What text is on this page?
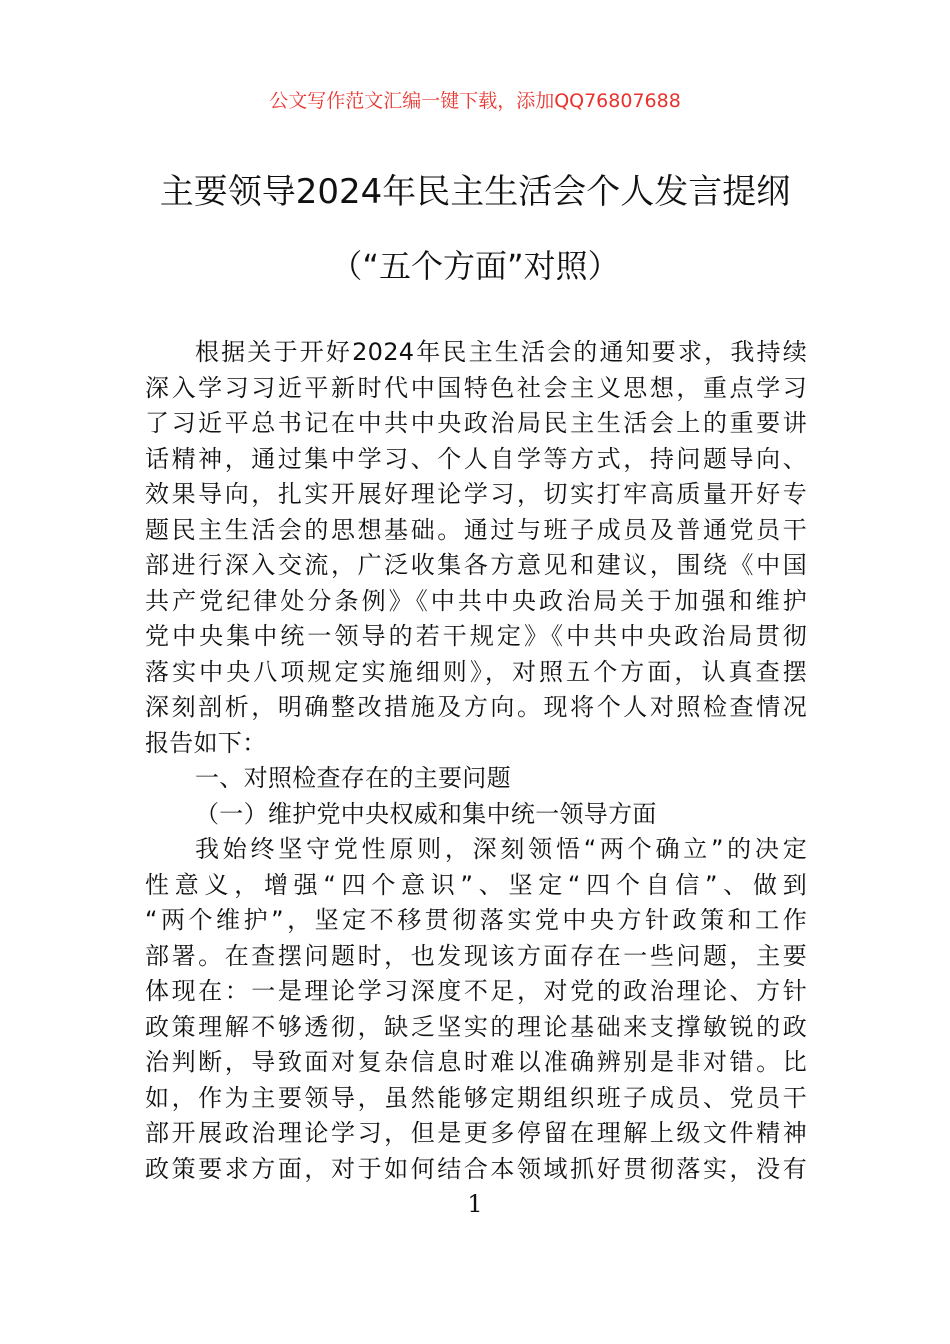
公文写作范文汇编一键下载，添加QQ76807688
主要领导2024年民主生活会个人发言提纲
（“五个方面”对照）
根据关于开好2024年民主生活会的通知要求，我持续
深入学习习近平新时代中国特色社会主义思想，重点学习
了习近平总书记在中共中央政治局民主生活会上的重要讲
话精神，通过集中学习、个人自学等方式，持问题导向、
效果导向，扎实开展好理论学习，切实打牢高质量开好专
题民主生活会的思想基础。通过与班子成员及普通党员干
部进行深入交流，广泛收集各方意见和建议，围绕《中国
共产党纪律处分条例》《中共中央政治局关于加强和维护
党中央集中统一领导的若干规定》《中共中央政治局贯彻
落实中央八项规定实施细则》，对照五个方面，认真查摆
深刻剖析，明确整改措施及方向。现将个人对照检查情况
报告如下：
一、对照检查存在的主要问题
（一）维护党中央权威和集中统一领导方面
我始终坚守党性原则，深刻领悟“两个确立”的决定
性意义，增强“四个意识”、坚定“四个自信”、做到
“两个维护”，坚定不移贯彻落实党中央方针政策和工作
部署。在查摆问题时，也发现该方面存在一些问题，主要
体现在：一是理论学习深度不足，对党的政治理论、方针
政策理解不够透彻，缺乏坚实的理论基础来支撑敏锐的政
治判断，导致面对复杂信息时难以准确辨别是非对错。比
如，作为主要领导，虽然能够定期组织班子成员、党员干
部开展政治理论学习，但是更多停留在理解上级文件精神
政策要求方面，对于如何结合本领域抓好贯彻落实，没有
1
